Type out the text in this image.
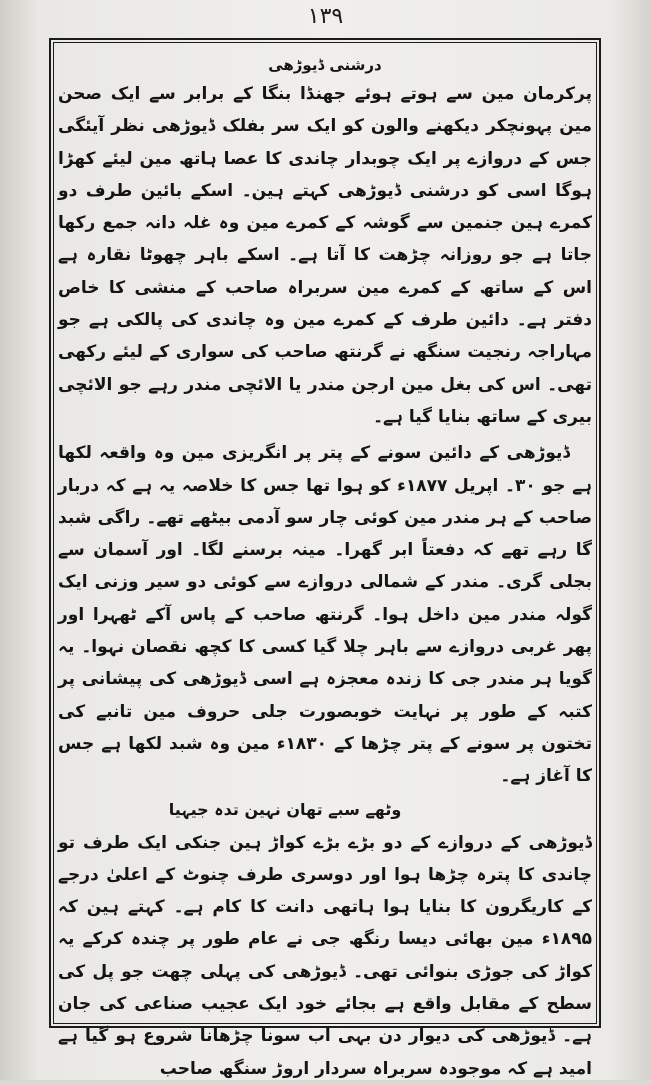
۱۳۹
درشنی ڈیوڑھی

پرکرمان مین سے ہوتے ہوئے جھنڈا بنگا کے برابر سے ایک صحن مین پہونچکر دیکھنے والون کو ایک سر بفلک ڈیوڑھی نظر آیئگی جس کے دروازے پر ایک چوبدار چاندی کا عصا ہاتھ مین لیئے کھڑا ہوگا اسی کو درشنی ڈیوڑھی کہتے ہین۔ اسکے بائین طرف دو کمرے ہین جنمین سے گوشہ کے کمرے مین وہ غلہ دانہ جمع رکھا جاتا ہے جو روزانہ چڑھت کا آتا ہے۔ اسکے باہر چھوٹا نقارہ ہے اس کے ساتھ کے کمرے مین سربراہ صاحب کے منشی کا خاص دفتر ہے۔ دائین طرف کے کمرے مین وہ چاندی کی پالکی ہے جو مہاراجہ رنجیت سنگھ نے گرنتھ صاحب کی سواری کے لیئے رکھی تھی۔ اس کی بغل مین ارجن مندر یا الائچی مندر رہے جو الائچی بیری کے ساتھ بنایا گیا ہے۔

ڈیوڑھی کے دائین سونے کے پتر پر انگریزی مین وہ واقعہ لکھا ہے جو ۳۰۔ اپریل ۱۸۷۷ء کو ہوا تھا جس کا خلاصہ یہ ہے کہ دربار صاحب کے ہر مندر مین کوئی چار سو آدمی بیٹھے تھے۔ راگی شبد گا رہے تھے کہ دفعتاً ابر گھرا۔ مینہ برسنے لگا۔ اور آسمان سے بجلی گری۔ مندر کے شمالی دروازے سے کوئی دو سیر وزنی ایک گولہ مندر مین داخل ہوا۔ گرنتھ صاحب کے پاس آکے ٹھہرا اور پھر غربی دروازے سے باہر چلا گیا کسی کا کچھ نقصان نہوا۔ یہ گویا ہر مندر جی کا زندہ معجزہ ہے اسی ڈیوڑھی کی پیشانی پر کتبہ کے طور پر نہایت خوبصورت جلی حروف مین تانبے کی تختون پر سونے کے پتر چڑھا کے ۱۸۳۰ء مین وہ شبد لکھا ہے جس کا آغاز ہے۔

وٹھے سبے تھان نہین تدہ جیہیا

ڈیوڑھی کے دروازے کے دو بڑے بڑے کواڑ ہین جنکی ایک طرف تو چاندی کا پترہ چڑھا ہوا اور دوسری طرف چنوٹ کے اعلیٰ درجے کے کاریگرون کا بنایا ہوا ہاتھی دانت کا کام ہے۔ کہتے ہین کہ ۱۸۹۵ء مین بھائی دیسا رنگھ جی نے عام طور پر چندہ کرکے یہ کواڑ کی جوڑی بنوائی تھی۔ ڈیوڑھی کی پہلی چھت جو پل کی سطح کے مقابل واقع ہے بجائے خود ایک عجیب صناعی کی جان ہے۔ ڈیوڑھی کی دیوار دن بہی اب سونا چڑھانا شروع ہو گیا ہے امید ہے کہ موجودہ سربراہ سردار اروڑ سنگھ صاحب
